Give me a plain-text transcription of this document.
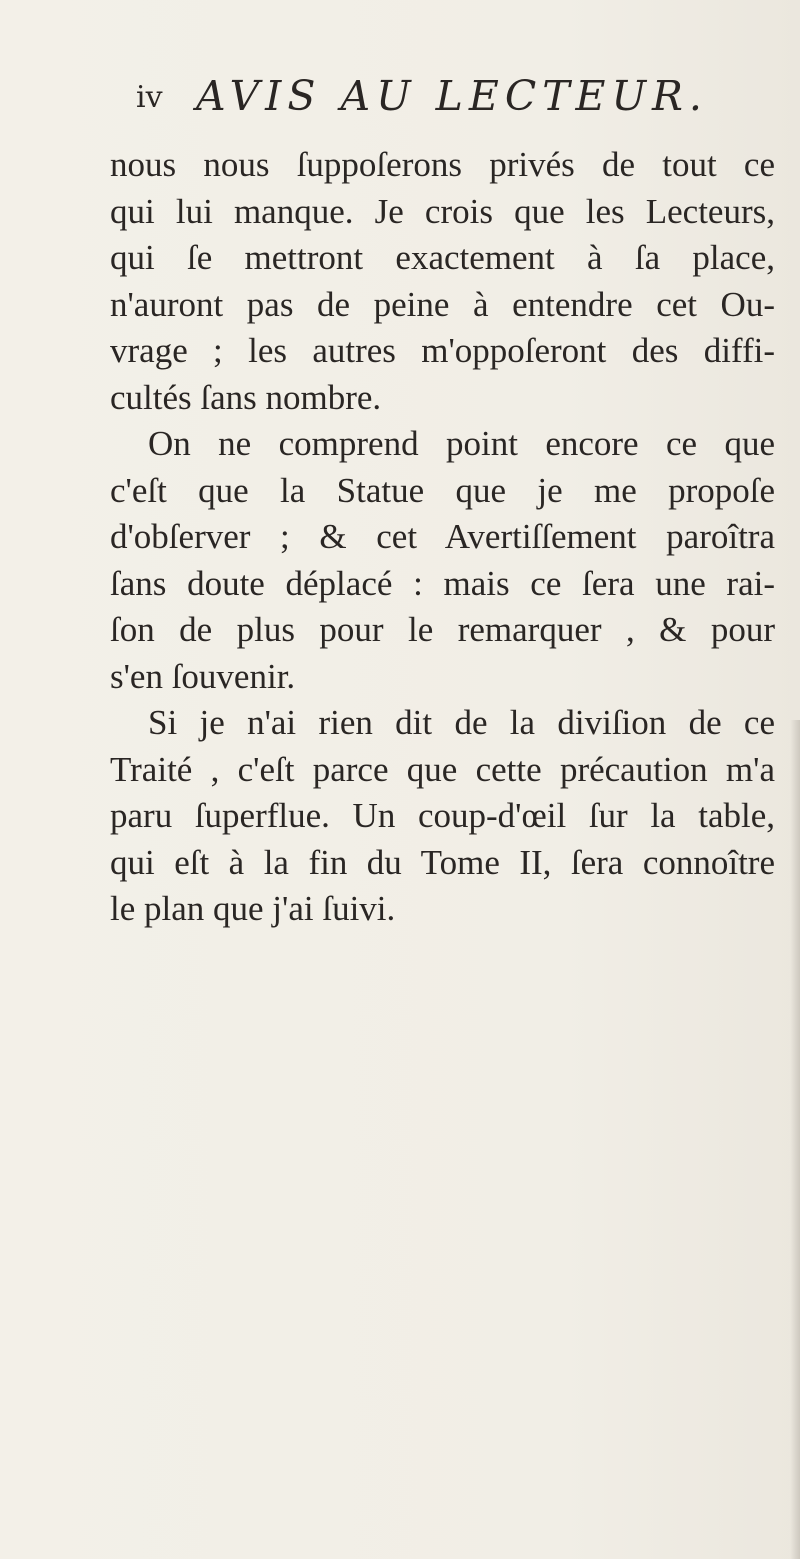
iv AVIS AU LECTEUR.

nous nous ſuppoſerons privés de tout ce
qui lui manque. Je crois que les Lecteurs,
qui ſe mettront exactement à ſa place,
n'auront pas de peine à entendre cet Ou-
vrage ; les autres m'oppoſeront des diffi-
cultés ſans nombre.

On ne comprend point encore ce que
c'eſt que la Statue que je me propoſe
d'obſerver ; & cet Avertiſſement paroîtra
ſans doute déplacé : mais ce ſera une rai-
ſon de plus pour le remarquer , & pour
s'en ſouvenir.

Si je n'ai rien dit de la diviſion de ce
Traité , c'eſt parce que cette précaution m'a
paru ſuperflue. Un coup-d'œil ſur la table,
qui eſt à la fin du Tome II, ſera connoître
le plan que j'ai ſuivi.
